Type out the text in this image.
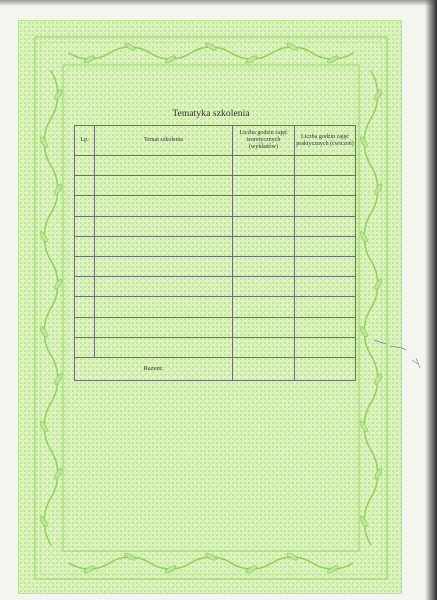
Tematyka szkolenia
Lp.	Temat szkolenia	Liczba godzin zajęć teoretycznych (wykładów)	Liczba godzin zajęć praktycznych (ćwiczeń)

Razem:			
